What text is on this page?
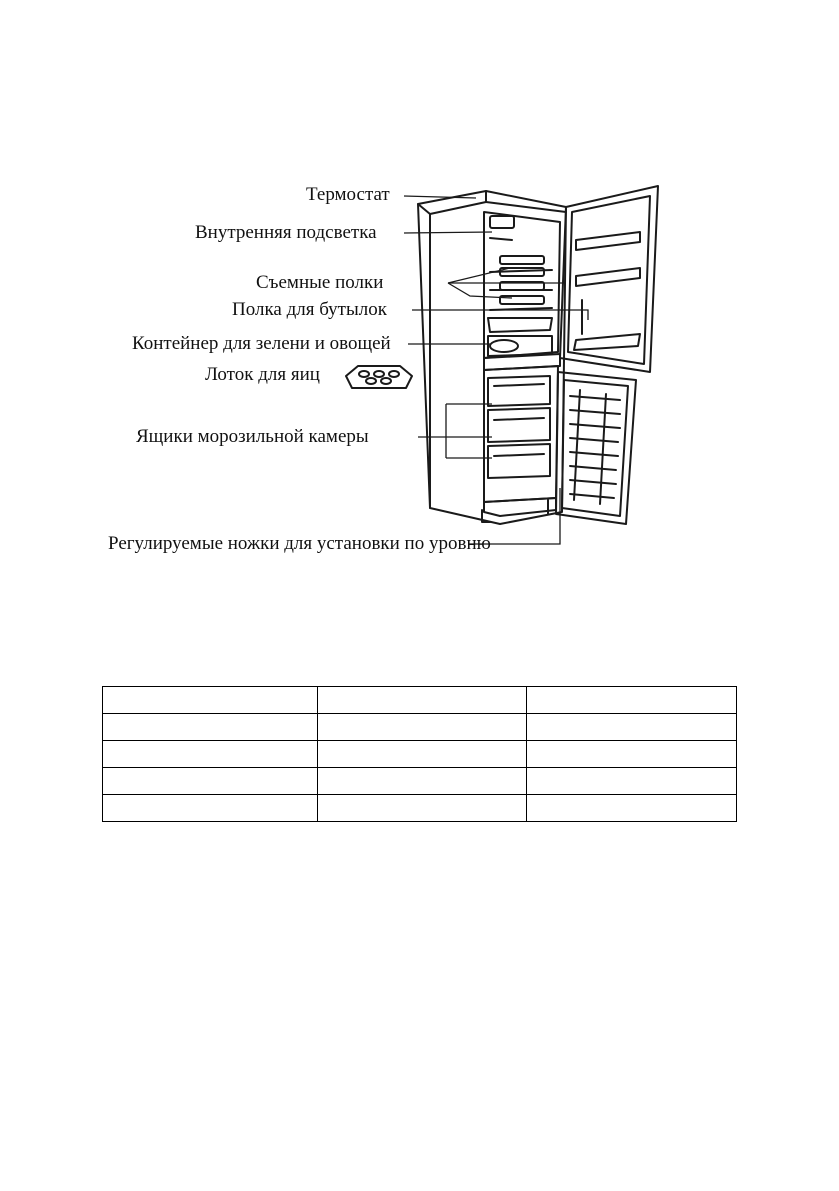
Термостат
Внутренняя подсветка
Съемные полки
Полка для бутылок
Контейнер для зелени и овощей
Лоток для яиц
Ящики морозильной камеры
Регулируемые ножки для установки по уровню
